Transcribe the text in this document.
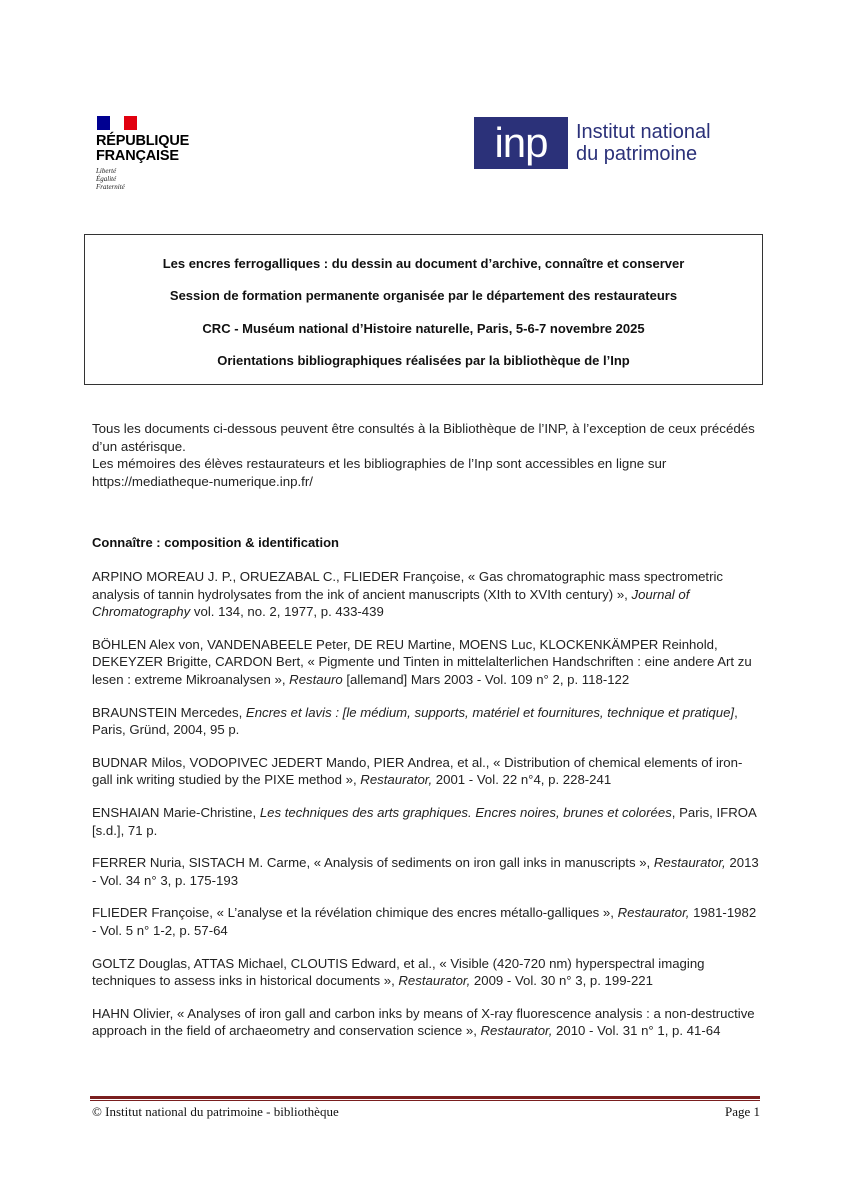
RÉPUBLIQUE
FRANÇAISE
Liberté
Égalité
Fraternité
inp	Institut national
du patrimoine
Les encres ferrogalliques : du dessin au document d’archive, connaître et conserver
Session de formation permanente organisée par le département des restaurateurs
CRC - Muséum national d’Histoire naturelle, Paris, 5-6-7 novembre 2025
Orientations bibliographiques réalisées par la bibliothèque de l’Inp

Tous les documents ci-dessous peuvent être consultés à la Bibliothèque de l’INP, à l’exception de ceux précédés d’un astérisque.

Les mémoires des élèves restaurateurs et les bibliographies de l’Inp sont accessibles en ligne sur https://mediatheque-numerique.inp.fr/

Connaître : composition & identification

ARPINO MOREAU J. P., ORUEZABAL C., FLIEDER Françoise, « Gas chromatographic mass spectrometric analysis of tannin hydrolysates from the ink of ancient manuscripts (XIth to XVIth century) », Journal of Chromatography vol. 134, no. 2, 1977, p. 433-439

BÖHLEN Alex von, VANDENABEELE Peter, DE REU Martine, MOENS Luc, KLOCKENKÄMPER Reinhold, DEKEYZER Brigitte, CARDON Bert, « Pigmente und Tinten in mittelalterlichen Handschriften : eine andere Art zu lesen : extreme Mikroanalysen », Restauro [allemand] Mars 2003 - Vol. 109 n° 2, p. 118-122

BRAUNSTEIN Mercedes, Encres et lavis : [le médium, supports, matériel et fournitures, technique et pratique], Paris, Gründ, 2004, 95 p.

BUDNAR Milos, VODOPIVEC JEDERT Mando, PIER Andrea, et al., « Distribution of chemical elements of iron-gall ink writing studied by the PIXE method », Restaurator, 2001 - Vol. 22 n°4, p. 228-241

ENSHAIAN Marie-Christine, Les techniques des arts graphiques. Encres noires, brunes et colorées, Paris, IFROA [s.d.], 71 p.

FERRER Nuria, SISTACH M. Carme, « Analysis of sediments on iron gall inks in manuscripts », Restaurator, 2013 - Vol. 34 n° 3, p. 175-193

FLIEDER Françoise, « L’analyse et la révélation chimique des encres métallo-galliques », Restaurator, 1981-1982 - Vol. 5 n° 1-2, p. 57-64

GOLTZ Douglas, ATTAS Michael, CLOUTIS Edward, et al., « Visible (420-720 nm) hyperspectral imaging techniques to assess inks in historical documents », Restaurator, 2009 - Vol. 30 n° 3, p. 199-221

HAHN Olivier, « Analyses of iron gall and carbon inks by means of X-ray fluorescence analysis : a non-destructive approach in the field of archaeometry and conservation science », Restaurator, 2010 - Vol. 31 n° 1, p. 41-64

© Institut national du patrimoine - bibliothèque	Page 1
